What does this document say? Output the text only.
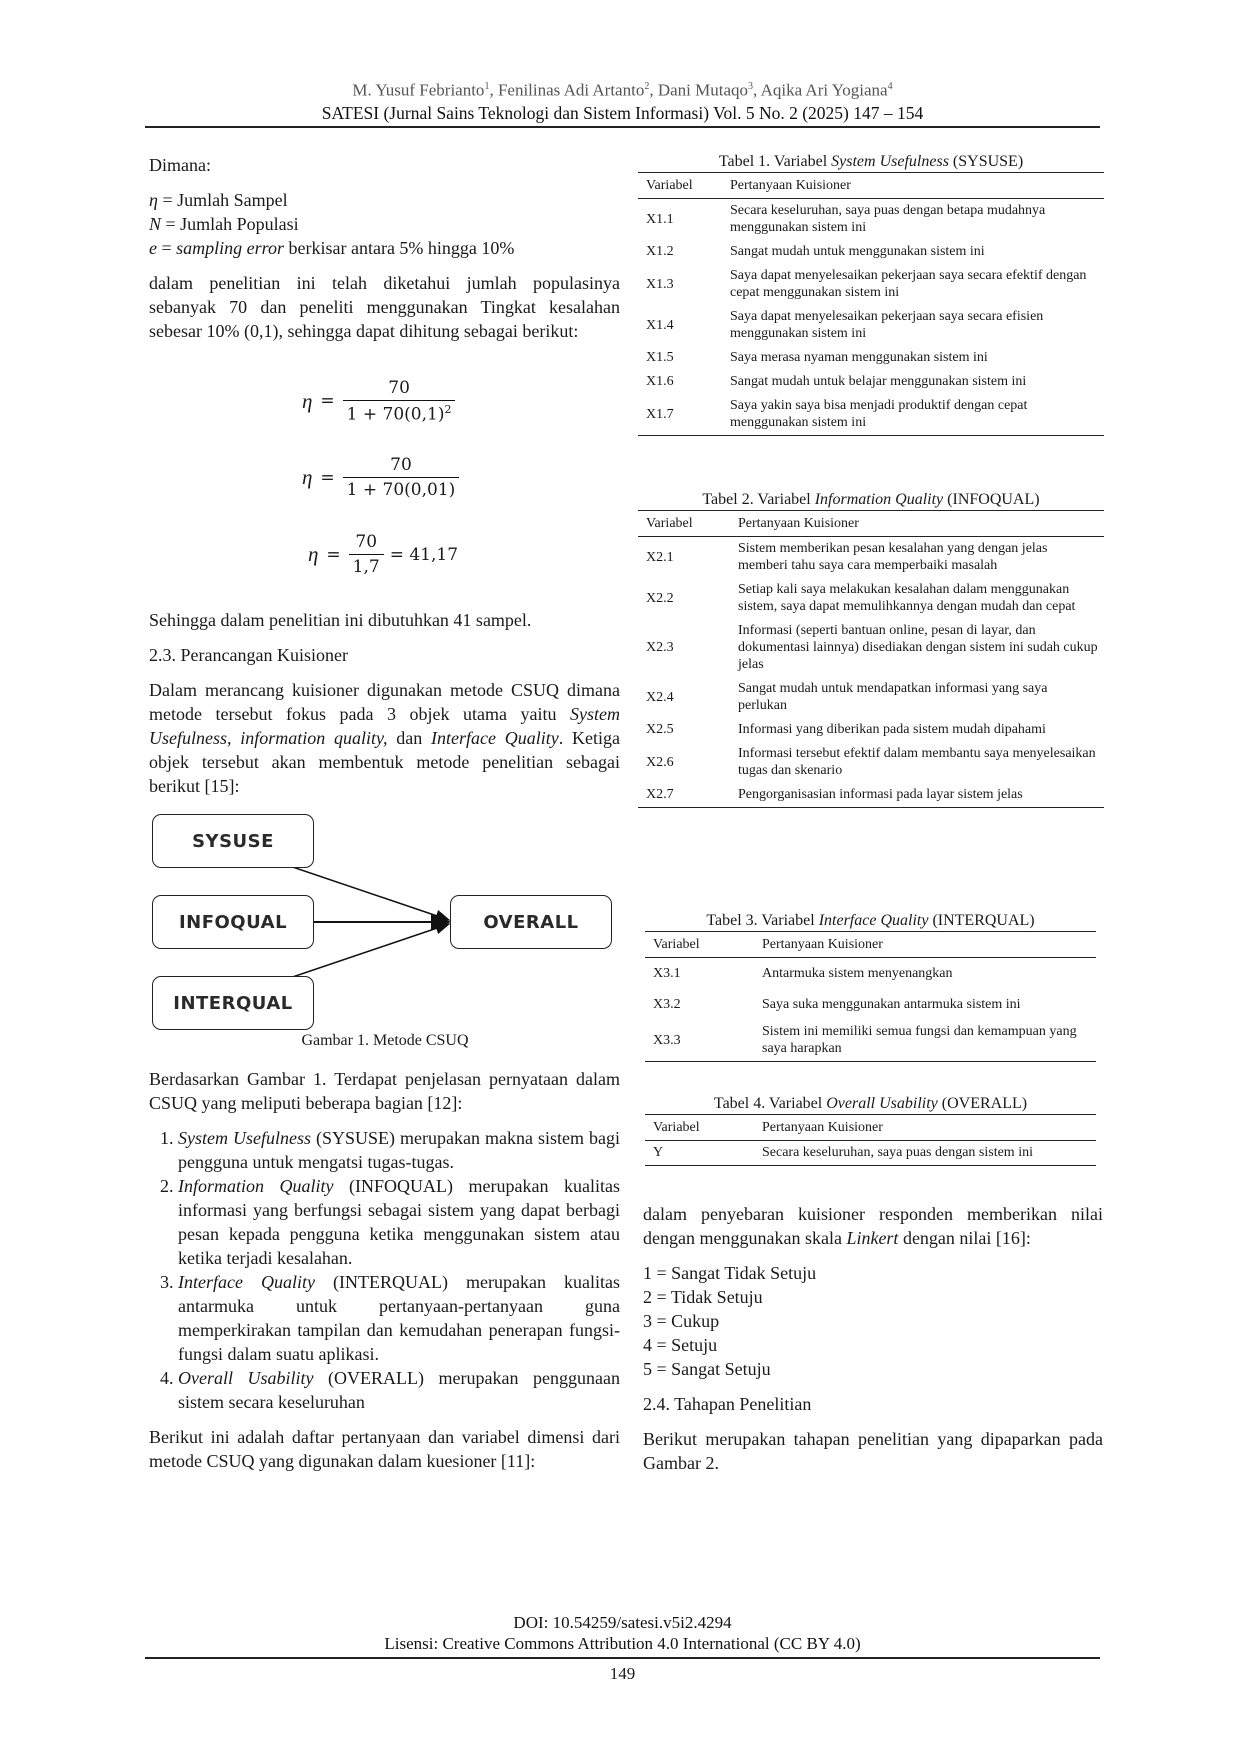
M. Yusuf Febrianto$^1$, Fenilinas Adi Artanto$^2$, Dani Mutaqo$^3$, Aqika Ari Yogiana$^4$
SATESI (Jurnal Sains Teknologi dan Sistem Informasi) Vol. 5 No. 2 (2025) 147 – 154

Dimana:

η = Jumlah Sampel

N = Jumlah Populasi

e = sampling error berkisar antara 5% hingga 10%

dalam penelitian ini telah diketahui jumlah populasinya sebanyak 70 dan peneliti menggunakan Tingkat kesalahan sebesar 10% (0,1), sehingga dapat dihitung sebagai berikut:

$\eta = \frac{70}{1 + 70(0,1)^2}$
$\eta = \frac{70}{1 + 70(0,01)}$
$\eta = \frac{70}{1,7} = 41,17$

Sehingga dalam penelitian ini dibutuhkan 41 sampel.

2.3. Perancangan Kuisioner

Dalam merancang kuisioner digunakan metode CSUQ dimana metode tersebut fokus pada 3 objek utama yaitu System Usefulness, information quality, dan Interface Quality. Ketiga objek tersebut akan membentuk metode penelitian sebagai berikut [15]:

SYSUSE
INFOQUAL
INTERQUAL
OVERALL
Gambar 1. Metode CSUQ

Berdasarkan Gambar 1. Terdapat penjelasan pernyataan dalam CSUQ yang meliputi beberapa bagian [12]:

1. System Usefulness (SYSUSE) merupakan makna sistem bagi pengguna untuk mengatsi tugas-tugas.
2. Information Quality (INFOQUAL) merupakan kualitas informasi yang berfungsi sebagai sistem yang dapat berbagi pesan kepada pengguna ketika menggunakan sistem atau ketika terjadi kesalahan.
3. Interface Quality (INTERQUAL) merupakan kualitas antarmuka untuk pertanyaan-pertanyaan guna memperkirakan tampilan dan kemudahan penerapan fungsi-fungsi dalam suatu aplikasi.
4. Overall Usability (OVERALL) merupakan penggunaan sistem secara keseluruhan

Berikut ini adalah daftar pertanyaan dan variabel dimensi dari metode CSUQ yang digunakan dalam kuesioner [11]:

Tabel 1. Variabel System Usefulness (SYSUSE)
Variabel	Pertanyaan Kuisioner
X1.1	Secara keseluruhan, saya puas dengan betapa mudahnya menggunakan sistem ini
X1.2	Sangat mudah untuk menggunakan sistem ini
X1.3	Saya dapat menyelesaikan pekerjaan saya secara efektif dengan cepat menggunakan sistem ini
X1.4	Saya dapat menyelesaikan pekerjaan saya secara efisien menggunakan sistem ini
X1.5	Saya merasa nyaman menggunakan sistem ini
X1.6	Sangat mudah untuk belajar menggunakan sistem ini
X1.7	Saya yakin saya bisa menjadi produktif dengan cepat menggunakan sistem ini
Tabel 2. Variabel Information Quality (INFOQUAL)
Variabel	Pertanyaan Kuisioner
X2.1	Sistem memberikan pesan kesalahan yang dengan jelas memberi tahu saya cara memperbaiki masalah
X2.2	Setiap kali saya melakukan kesalahan dalam menggunakan sistem, saya dapat memulihkannya dengan mudah dan cepat
X2.3	Informasi (seperti bantuan online, pesan di layar, dan dokumentasi lainnya) disediakan dengan sistem ini sudah cukup jelas
X2.4	Sangat mudah untuk mendapatkan informasi yang saya perlukan
X2.5	Informasi yang diberikan pada sistem mudah dipahami
X2.6	Informasi tersebut efektif dalam membantu saya menyelesaikan tugas dan skenario
X2.7	Pengorganisasian informasi pada layar sistem jelas
Tabel 3. Variabel Interface Quality (INTERQUAL)
Variabel	Pertanyaan Kuisioner
X3.1	Antarmuka sistem menyenangkan
X3.2	Saya suka menggunakan antarmuka sistem ini
X3.3	Sistem ini memiliki semua fungsi dan kemampuan yang saya harapkan
Tabel 4. Variabel Overall Usability (OVERALL)
Variabel	Pertanyaan Kuisioner
Y	Secara keseluruhan, saya puas dengan sistem ini

dalam penyebaran kuisioner responden memberikan nilai dengan menggunakan skala Linkert dengan nilai [16]:

1 = Sangat Tidak Setuju
2 = Tidak Setuju
3 = Cukup
4 = Setuju
5 = Sangat Setuju

2.4. Tahapan Penelitian

Berikut merupakan tahapan penelitian yang dipaparkan pada Gambar 2.

DOI: 10.54259/satesi.v5i2.4294
Lisensi: Creative Commons Attribution 4.0 International (CC BY 4.0)
149
